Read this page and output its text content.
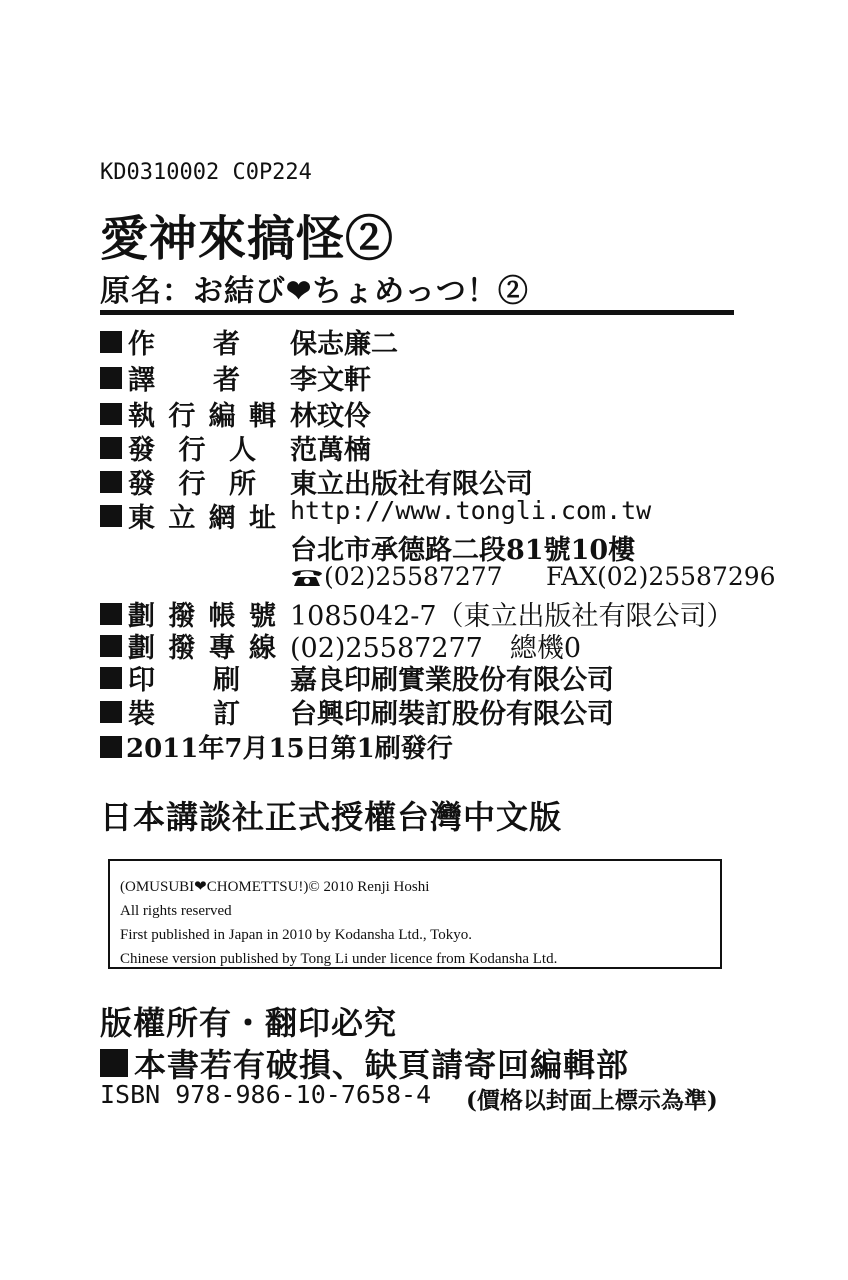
KD0310002 C0P224
愛神來搞怪②
原名：お結び❤ちょめっつ！②
作 者 保志廉二
譯 者 李文軒
執 行 編 輯 林玟伶
發 行 人 范萬楠
發 行 所 東立出版社有限公司
東 立 網 址 http://www.tongli.com.tw
台北市承德路二段81號10樓
(02)25587277 FAX(02)25587296
劃 撥 帳 號 1085042-7（東立出版社有限公司）
劃 撥 專 線 (02)25587277　總機0
印 刷 嘉良印刷實業股份有限公司
裝 訂 台興印刷裝訂股份有限公司
2011年7月15日第1刷發行
日本講談社正式授權台灣中文版
(OMUSUBI❤CHOMETTSU!)© 2010 Renji Hoshi
All rights reserved
First published in Japan in 2010 by Kodansha Ltd., Tokyo.
Chinese version published by Tong Li under licence from Kodansha Ltd.
版權所有・翻印必究
本書若有破損、缺頁請寄回編輯部
ISBN 978-986-10-7658-4 (價格以封面上標示為準)
